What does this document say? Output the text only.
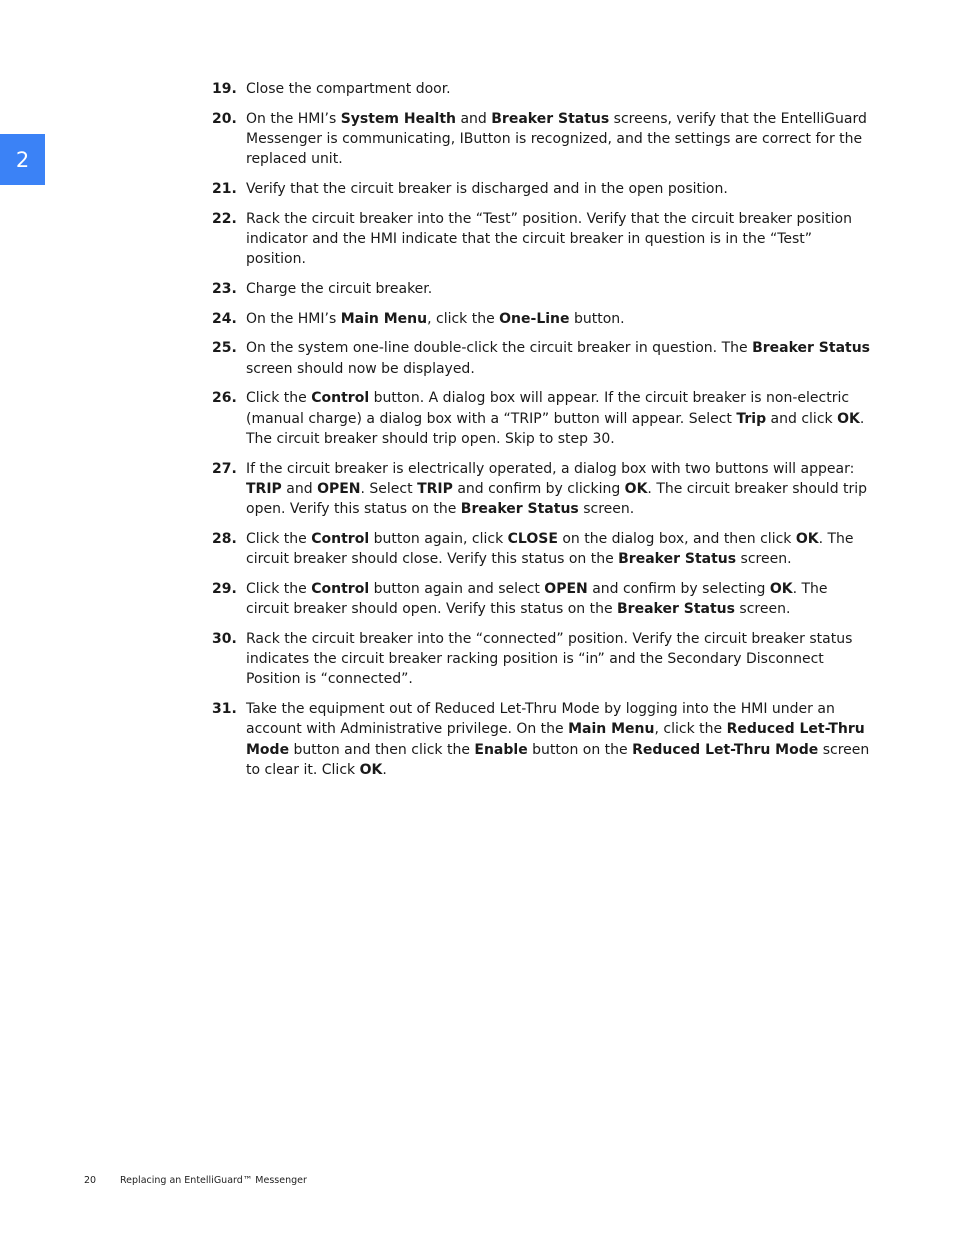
2
19. Close the compartment door.
20. On the HMI’s System Health and Breaker Status screens, verify that the EntelliGuard Messenger is communicating, IButton is recognized, and the settings are correct for the replaced unit.
21. Verify that the circuit breaker is discharged and in the open position.
22. Rack the circuit breaker into the “Test” position. Verify that the circuit breaker position indicator and the HMI indicate that the circuit breaker in question is in the “Test” position.
23. Charge the circuit breaker.
24. On the HMI’s Main Menu, click the One-Line button.
25. On the system one-line double-click the circuit breaker in question. The Breaker Status screen should now be displayed.
26. Click the Control button. A dialog box will appear. If the circuit breaker is non-electric (manual charge) a dialog box with a “TRIP” button will appear. Select Trip and click OK. The circuit breaker should trip open. Skip to step 30.
27. If the circuit breaker is electrically operated, a dialog box with two buttons will appear: TRIP and OPEN. Select TRIP and confirm by clicking OK. The circuit breaker should trip open. Verify this status on the Breaker Status screen.
28. Click the Control button again, click CLOSE on the dialog box, and then click OK. The circuit breaker should close. Verify this status on the Breaker Status screen.
29. Click the Control button again and select OPEN and confirm by selecting OK. The circuit breaker should open. Verify this status on the Breaker Status screen.
30. Rack the circuit breaker into the “connected” position. Verify the circuit breaker status indicates the circuit breaker racking position is “in” and the Secondary Disconnect Position is “connected”.
31. Take the equipment out of Reduced Let-Thru Mode by logging into the HMI under an account with Administrative privilege. On the Main Menu, click the Reduced Let-Thru Mode button and then click the Enable button on the Reduced Let-Thru Mode screen to clear it. Click OK.
20	Replacing an EntelliGuard™ Messenger
